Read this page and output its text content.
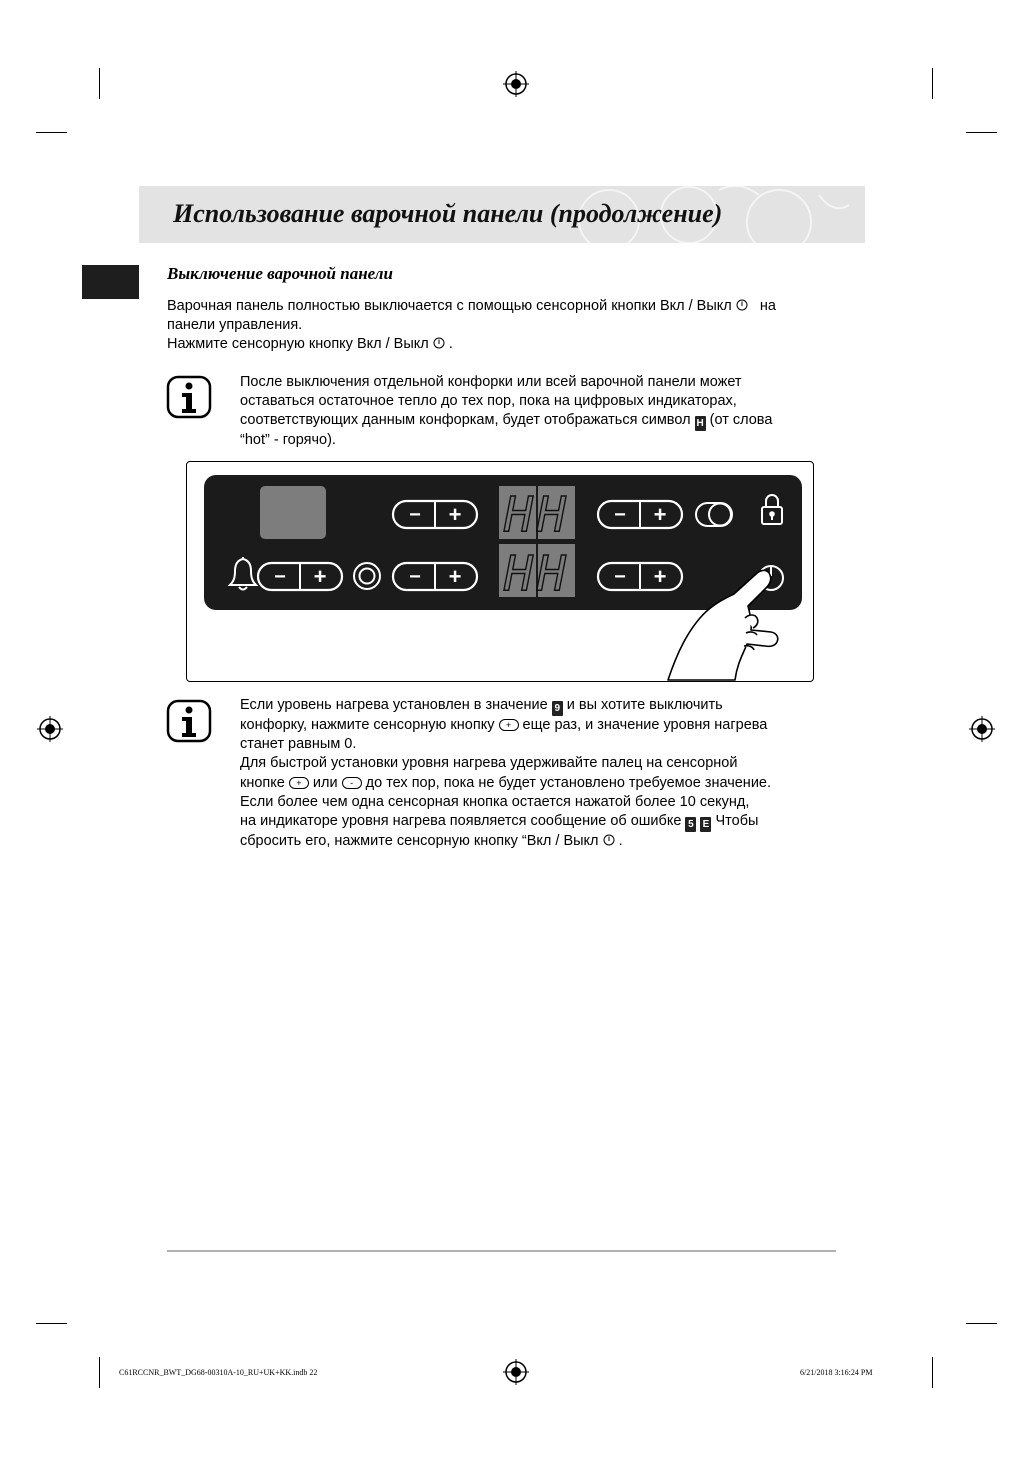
Использование варочной панели (продолжение)
Выключение варочной панели
Варочная панель полностью выключается с помощью сенсорной кнопки Вкл / Выкл на
панели управления.
Нажмите сенсорную кнопку Вкл / Выкл .

После выключения отдельной конфорки или всей варочной панели может

оставаться остаточное тепло до тех пор, пока на цифровых индикаторах,

соответствующих данным конфоркам, будет отображаться символ H (от слова

“hot” - горячо).

HH
HH
− +	− +
− +	− +	− +

Если уровень нагрева установлен в значение 9 и вы хотите выключить

конфорку, нажмите сенсорную кнопку + еще раз, и значение уровня нагрева

станет равным 0.

Для быстрой установки уровня нагрева удерживайте палец на сенсорной

кнопке + или - до тех пор, пока не будет установлено требуемое значение.

Если более чем одна сенсорная кнопка остается нажатой более 10 секунд,

на индикаторе уровня нагрева появляется сообщение об ошибке 5 E Чтобы

сбросить его, нажмите сенсорную кнопку “Вкл / Выкл .

C61RCCNR_BWT_DG68-00310A-10_RU+UK+KK.indb 22	6/21/2018 3:16:24 PM
